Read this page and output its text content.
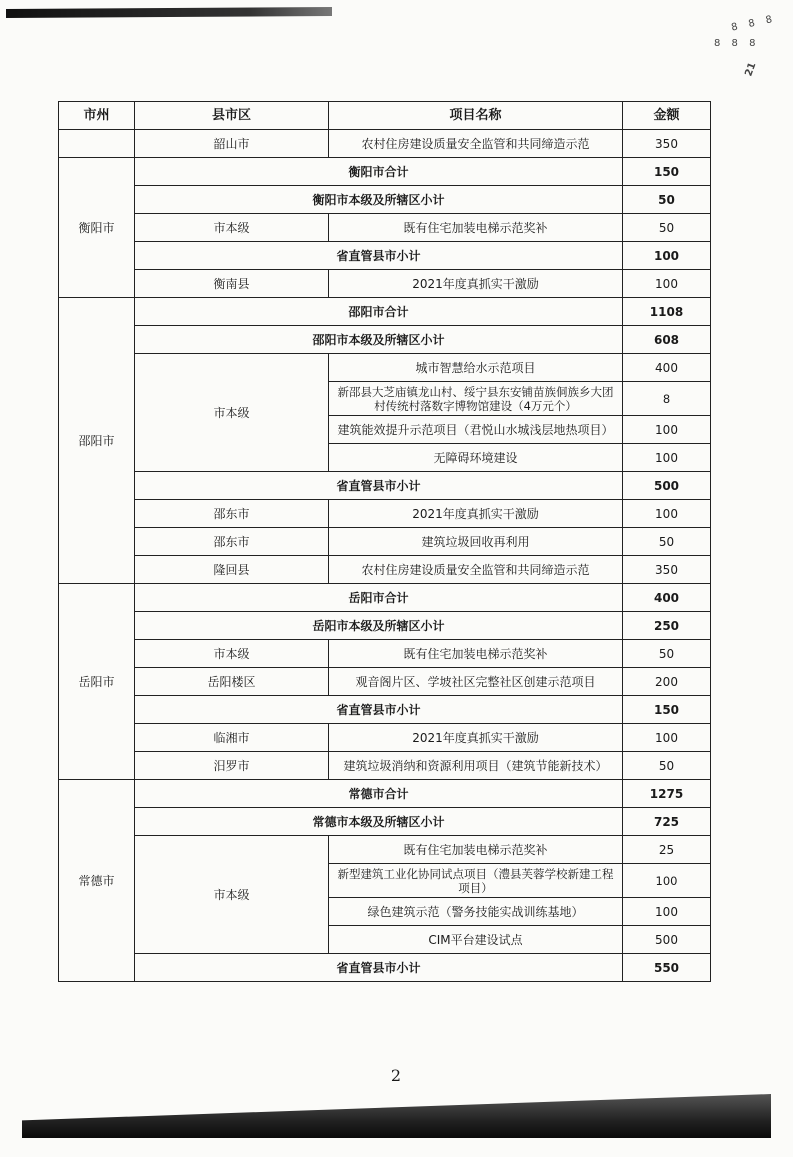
8 8 8
8 8 8
21
市州	县市区	项目名称	金额
	韶山市	农村住房建设质量安全监管和共同缔造示范	350
衡阳市	衡阳市合计		150
	衡阳市本级及所辖区小计		50
	市本级	既有住宅加装电梯示范奖补	50
	省直管县市小计		100
	衡南县	2021年度真抓实干激励	100
邵阳市	邵阳市合计		1108
	邵阳市本级及所辖区小计		608
	市本级	城市智慧给水示范项目	400
		新邵县大芝庙镇龙山村、绥宁县东安铺苗族侗族乡大团村传统村落数字博物馆建设（4万元个）	8
		建筑能效提升示范项目（君悦山水城浅层地热项目）	100
		无障碍环境建设	100
	省直管县市小计		500
	邵东市	2021年度真抓实干激励	100
	邵东市	建筑垃圾回收再利用	50
	隆回县	农村住房建设质量安全监管和共同缔造示范	350
岳阳市	岳阳市合计		400
	岳阳市本级及所辖区小计		250
	市本级	既有住宅加装电梯示范奖补	50
	岳阳楼区	观音阁片区、学坡社区完整社区创建示范项目	200
	省直管县市小计		150
	临湘市	2021年度真抓实干激励	100
	汨罗市	建筑垃圾消纳和资源利用项目（建筑节能新技术）	50
常德市	常德市合计		1275
	常德市本级及所辖区小计		725
	市本级	既有住宅加装电梯示范奖补	25
		新型建筑工业化协同试点项目（澧县芙蓉学校新建工程项目）	100
		绿色建筑示范（警务技能实战训练基地）	100
		CIM平台建设试点	500
	省直管县市小计		550
2
